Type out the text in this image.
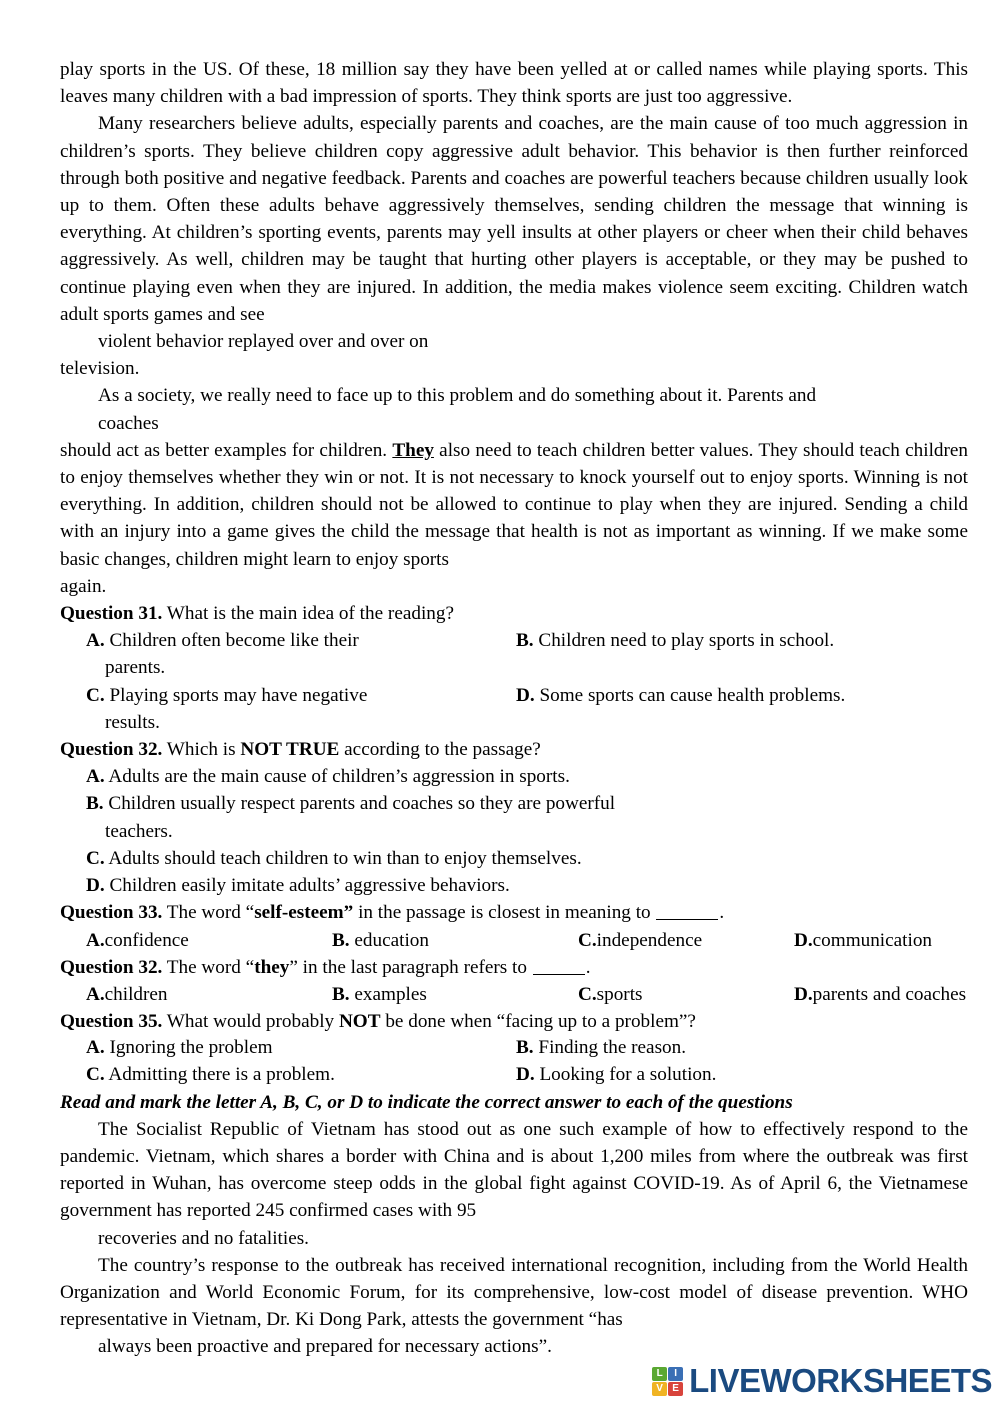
play sports in the US. Of these, 18 million say they have been yelled at or called names while playing sports. This leaves many children with a bad impression of sports. They think sports are just too aggressive.

Many researchers believe adults, especially parents and coaches, are the main cause of too much aggression in children’s sports. They believe children copy aggressive adult behavior. This behavior is then further reinforced through both positive and negative feedback. Parents and coaches are powerful teachers because children usually look up to them. Often these adults behave aggressively themselves, sending children the message that winning is everything. At children’s sporting events, parents may yell insults at other players or cheer when their child behaves aggressively. As well, children may be taught that hurting other players is acceptable, or they may be pushed to continue playing even when they are injured. In addition, the media makes violence seem exciting. Children watch adult sports games and see
violent behavior replayed over and over on

television.

As a society, we really need to face up to this problem and do something about it. Parents and
coaches

should act as better examples for children. They also need to teach children better values. They should teach children to enjoy themselves whether they win or not. It is not necessary to knock yourself out to enjoy sports. Winning is not everything. In addition, children should not be allowed to continue to play when they are injured. Sending a child with an injury into a game gives the child the message that health is not as important as winning. If we make some basic changes, children might learn to enjoy sports
again.

Question 31. What is the main idea of the reading?
A. Children often become like their
parents.
B. Children need to play sports in school.
C. Playing sports may have negative
results.
D. Some sports can cause health problems.
Question 32. Which is NOT TRUE according to the passage?
A. Adults are the main cause of children’s aggression in sports.
B. Children usually respect parents and coaches so they are powerful
teachers.
C. Adults should teach children to win than to enjoy themselves.
D. Children easily imitate adults’ aggressive behaviors.
Question 33. The word “self-esteem” in the passage is closest in meaning to	.
A.confidence	B. education	C.independence	D.communication
Question 32. The word “they” in the last paragraph refers to	.
A.children	B. examples	C.sports	D.parents and coaches
Question 35. What would probably NOT be done when “facing up to a problem”?
A. Ignoring the problem	B. Finding the reason.
C. Admitting there is a problem.	D. Looking for a solution.
Read and mark the letter A, B, C, or D to indicate the correct answer to each of the questions

The Socialist Republic of Vietnam has stood out as one such example of how to effectively respond to the pandemic. Vietnam, which shares a border with China and is about 1,200 miles from where the outbreak was first reported in Wuhan, has overcome steep odds in the global fight against COVID-19. As of April 6, the Vietnamese government has reported 245 confirmed cases with 95
recoveries and no fatalities.

The country’s response to the outbreak has received international recognition, including from the World Health Organization and World Economic Forum, for its comprehensive, low-cost model of disease prevention. WHO representative in Vietnam, Dr. Ki Dong Park, attests the government “has
always been proactive and prepared for necessary actions”.

L	I
V E LIVEWORKSHEETS
